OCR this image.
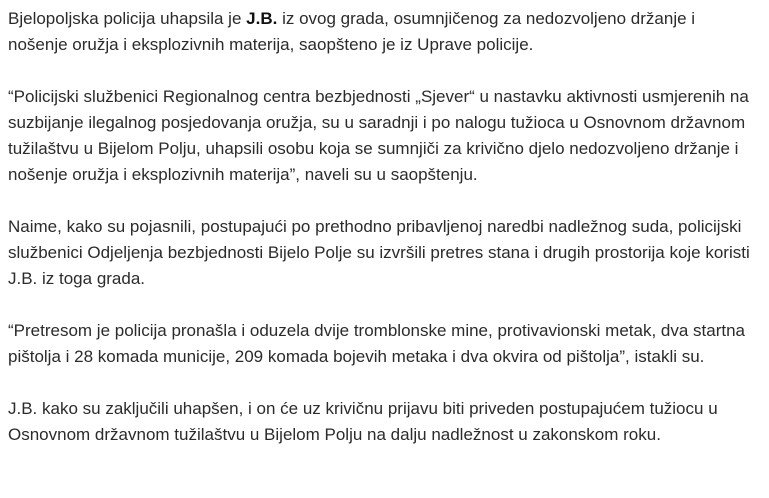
Bjelopoljska policija uhapsila je J.B. iz ovog grada, osumnjičenog za nedozvoljeno držanje i nošenje oružja i eksplozivnih materija, saopšteno je iz Uprave policije.

“Policijski službenici Regionalnog centra bezbjednosti „Sjever“ u nastavku aktivnosti usmjerenih na suzbijanje ilegalnog posjedovanja oružja, su u saradnji i po nalogu tužioca u Osnovnom državnom tužilaštvu u Bijelom Polju, uhapsili osobu koja se sumnjiči za krivično djelo nedozvoljeno držanje i nošenje oružja i eksplozivnih materija”, naveli su u saopštenju.

Naime, kako su pojasnili, postupajući po prethodno pribavljenoj naredbi nadležnog suda, policijski službenici Odjeljenja bezbjednosti Bijelo Polje su izvršili pretres stana i drugih prostorija koje koristi J.B. iz toga grada.

“Pretresom je policija pronašla i oduzela dvije tromblonske mine, protivavionski metak, dva startna pištolja i 28 komada municije, 209 komada bojevih metaka i dva okvira od pištolja”, istakli su.

J.B. kako su zaključili uhapšen, i on će uz krivičnu prijavu biti priveden postupajućem tužiocu u Osnovnom državnom tužilaštvu u Bijelom Polju na dalju nadležnost u zakonskom roku.
